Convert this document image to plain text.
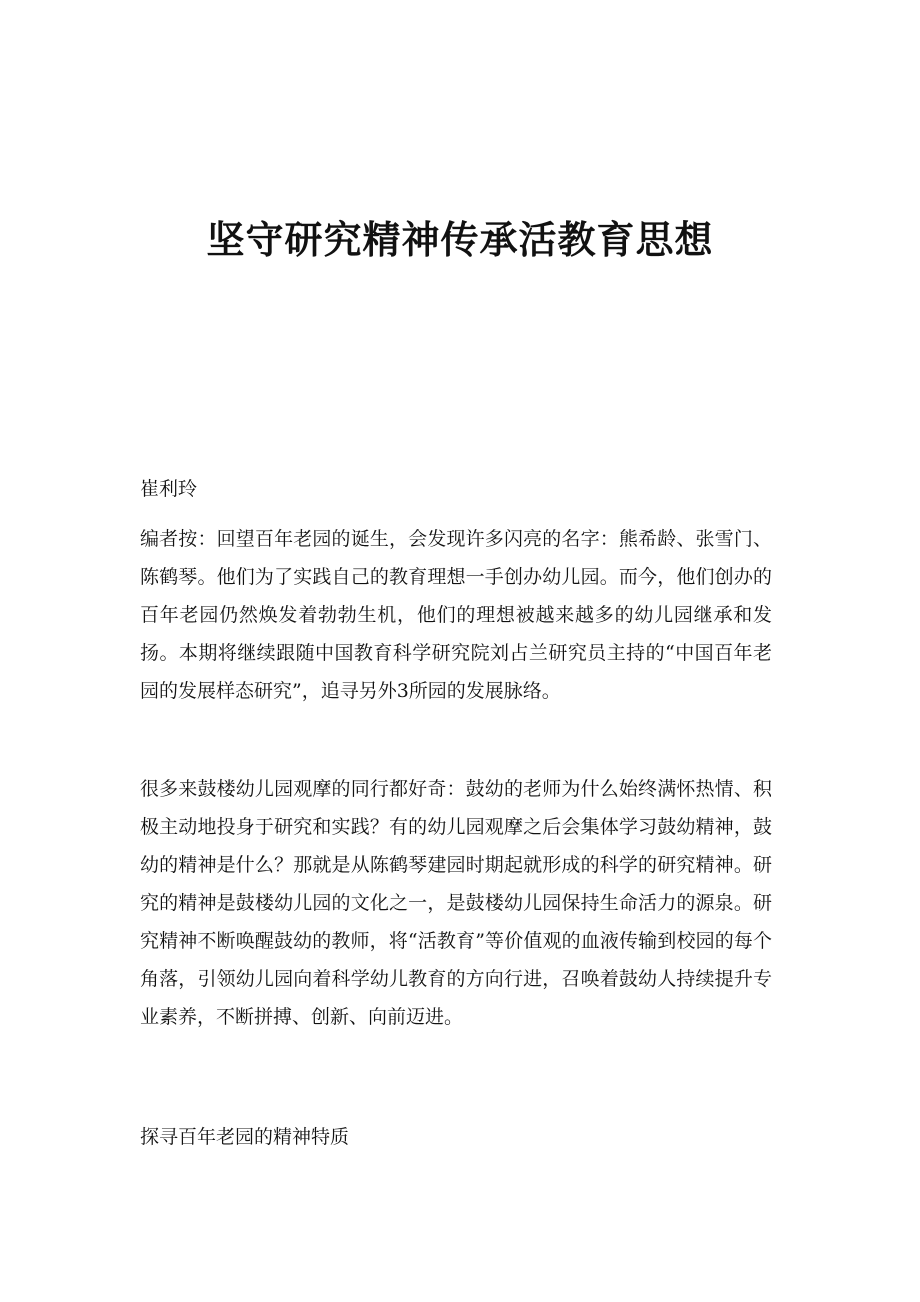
坚守研究精神传承活教育思想

崔利玲

编者按：回望百年老园的诞生，会发现许多闪亮的名字：熊希龄、张雪门、陈鹤琴。他们为了实践自己的教育理想一手创办幼儿园。而今，他们创办的百年老园仍然焕发着勃勃生机，他们的理想被越来越多的幼儿园继承和发扬。本期将继续跟随中国教育科学研究院刘占兰研究员主持的“中国百年老园的发展样态研究”，追寻另外3所园的发展脉络。

很多来鼓楼幼儿园观摩的同行都好奇：鼓幼的老师为什么始终满怀热情、积极主动地投身于研究和实践？有的幼儿园观摩之后会集体学习鼓幼精神，鼓幼的精神是什么？那就是从陈鹤琴建园时期起就形成的科学的研究精神。研究的精神是鼓楼幼儿园的文化之一，是鼓楼幼儿园保持生命活力的源泉。研究精神不断唤醒鼓幼的教师，将“活教育”等价值观的血液传输到校园的每个角落，引领幼儿园向着科学幼儿教育的方向行进，召唤着鼓幼人持续提升专业素养，不断拼搏、创新、向前迈进。

探寻百年老园的精神特质
